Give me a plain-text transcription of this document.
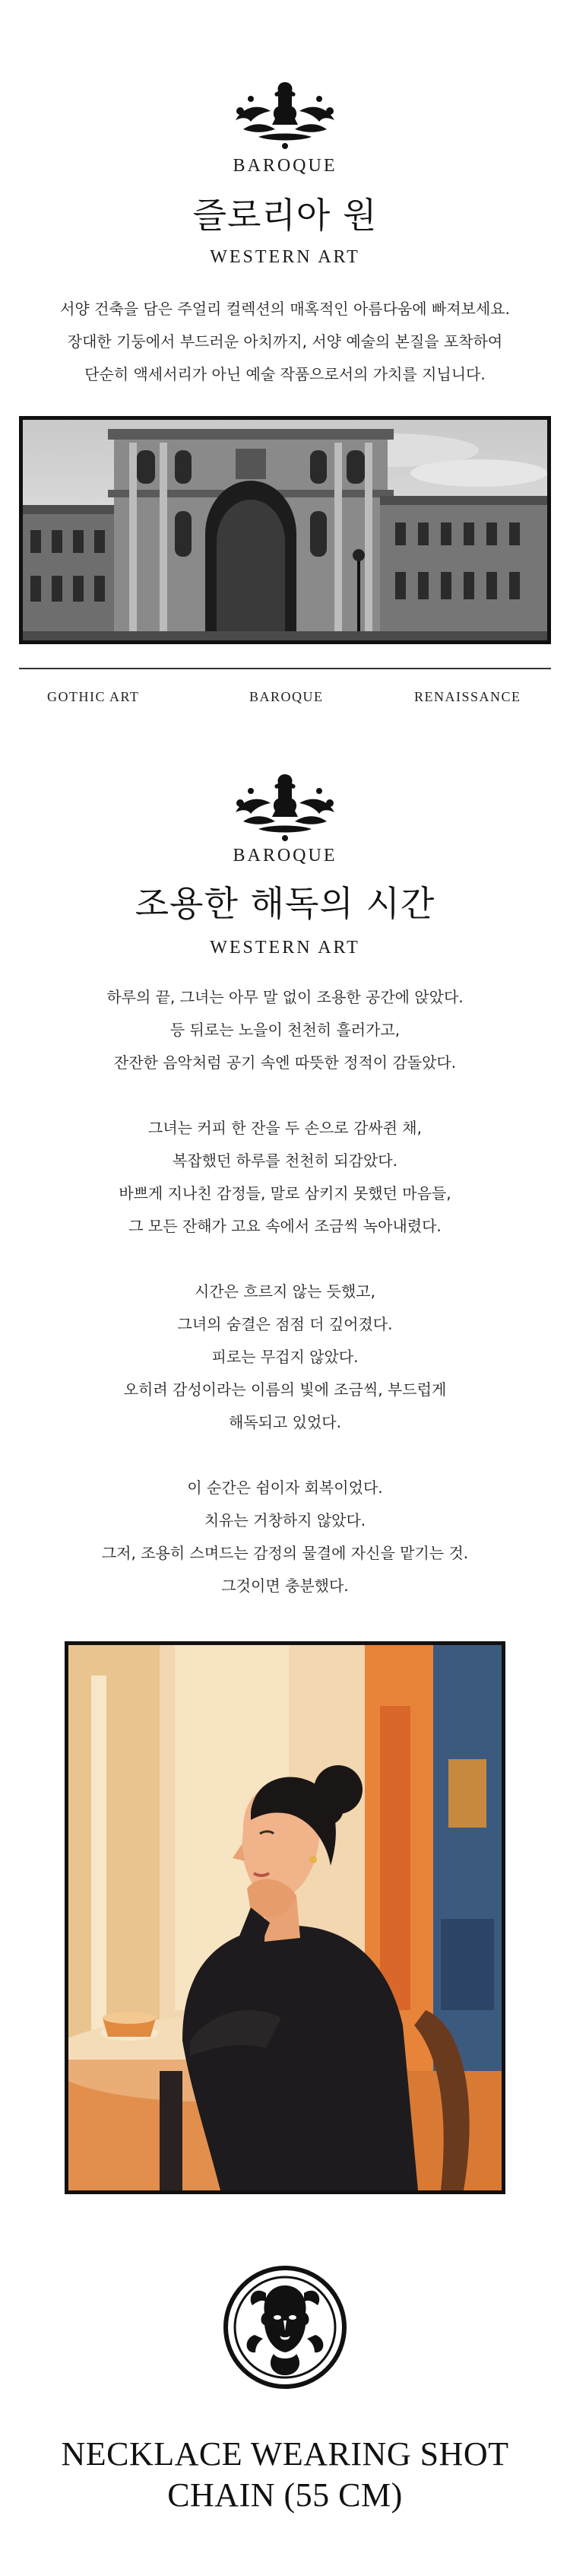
BAROQUE
즐로리아 원
WESTERN ART
서양 건축을 담은 주얼리 컬렉션의 매혹적인 아름다움에 빠져보세요.
장대한 기둥에서 부드러운 아치까지, 서양 예술의 본질을 포착하여
단순히 액세서리가 아닌 예술 작품으로서의 가치를 지닙니다.
GOTHIC ART	BAROQUE	RENAISSANCE
BAROQUE
조용한 해독의 시간
WESTERN ART
하루의 끝, 그녀는 아무 말 없이 조용한 공간에 앉았다.
등 뒤로는 노을이 천천히 흘러가고,
잔잔한 음악처럼 공기 속엔 따뜻한 정적이 감돌았다.
그녀는 커피 한 잔을 두 손으로 감싸쥔 채,
복잡했던 하루를 천천히 되감았다.
바쁘게 지나친 감정들, 말로 삼키지 못했던 마음들,
그 모든 잔해가 고요 속에서 조금씩 녹아내렸다.
시간은 흐르지 않는 듯했고,
그녀의 숨결은 점점 더 깊어졌다.
피로는 무겁지 않았다.
오히려 감성이라는 이름의 빛에 조금씩, 부드럽게
해독되고 있었다.
이 순간은 쉼이자 회복이었다.
치유는 거창하지 않았다.
그저, 조용히 스며드는 감정의 물결에 자신을 맡기는 것.
그것이면 충분했다.
NECKLACE WEARING SHOT
CHAIN (55 CM)
